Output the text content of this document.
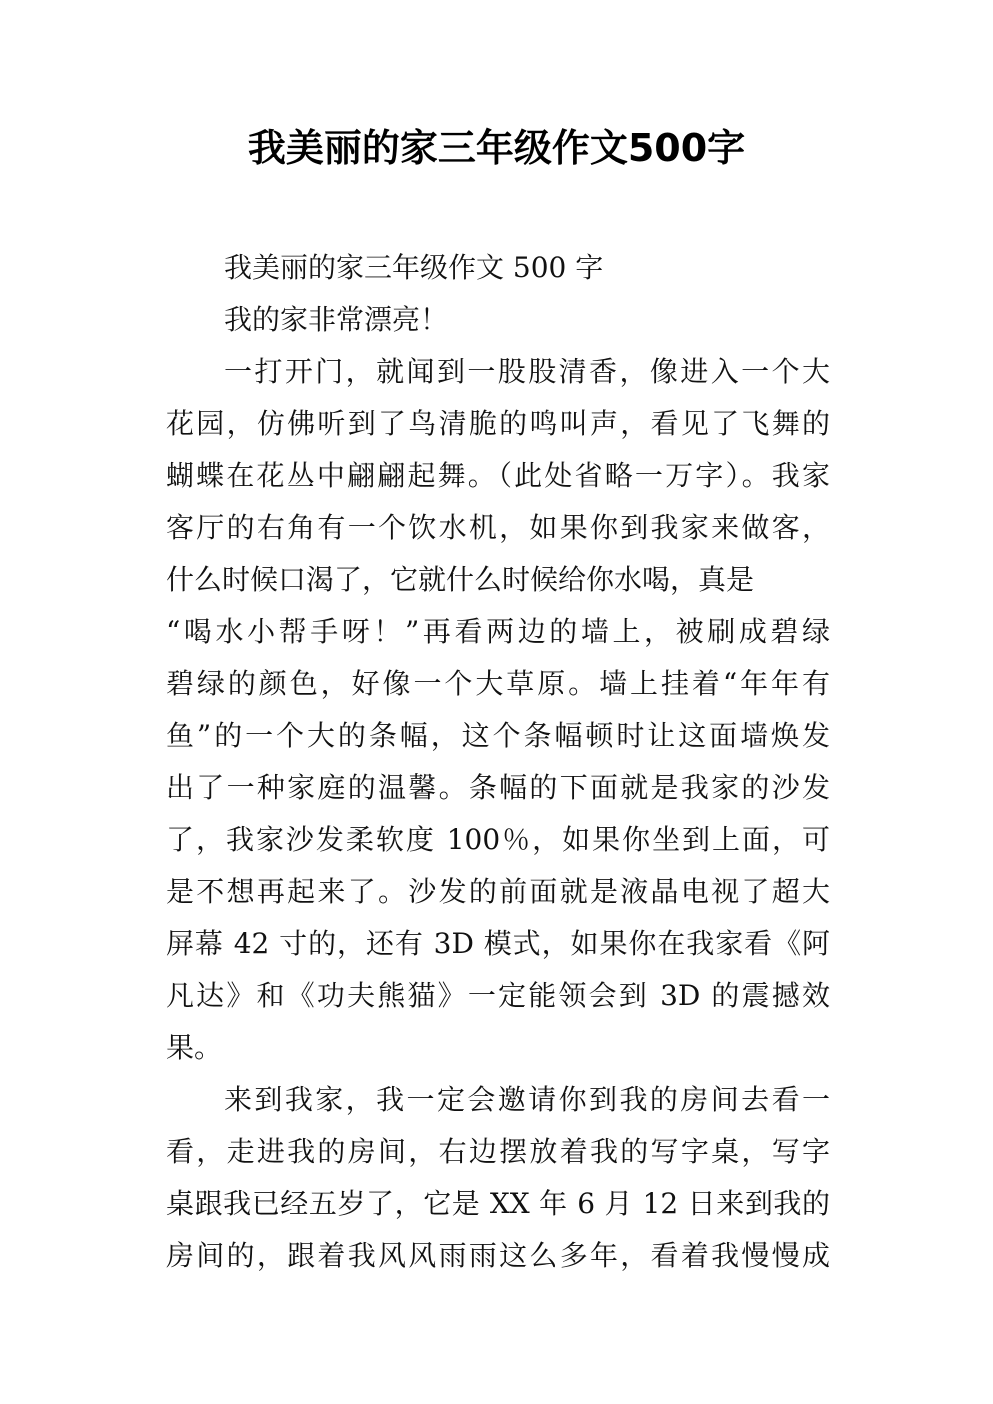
我美丽的家三年级作文500字
我美丽的家三年级作文 500 字
我的家非常漂亮！
一打开门，就闻到一股股清香，像进入一个大
花园，仿佛听到了鸟清脆的鸣叫声，看见了飞舞的
蝴蝶在花丛中翩翩起舞。（此处省略一万字）。我家
客厅的右角有一个饮水机，如果你到我家来做客，
什么时候口渴了，它就什么时候给你水喝，真是
“喝水小帮手呀！”再看两边的墙上，被刷成碧绿
碧绿的颜色，好像一个大草原。墙上挂着“年年有
鱼”的一个大的条幅，这个条幅顿时让这面墙焕发
出了一种家庭的温馨。条幅的下面就是我家的沙发
了，我家沙发柔软度 100％，如果你坐到上面，可
是不想再起来了。沙发的前面就是液晶电视了超大
屏幕 42 寸的，还有 3D 模式，如果你在我家看《阿
凡达》和《功夫熊猫》一定能领会到 3D 的震撼效
果。
来到我家，我一定会邀请你到我的房间去看一
看，走进我的房间，右边摆放着我的写字桌，写字
桌跟我已经五岁了，它是 XX 年 6 月 12 日来到我的
房间的，跟着我风风雨雨这么多年，看着我慢慢成
